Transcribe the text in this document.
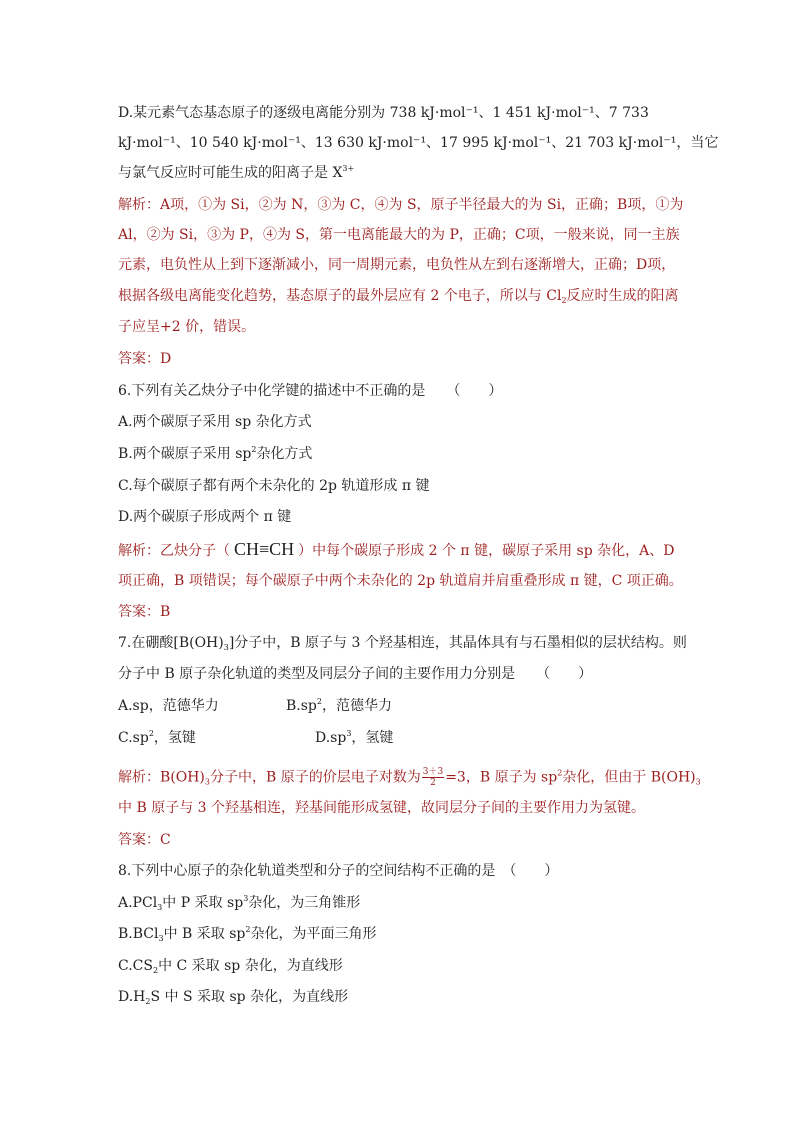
D.某元素气态基态原子的逐级电离能分别为 738 kJ·mol⁻¹、1 451 kJ·mol⁻¹、7 733
kJ·mol⁻¹、10 540 kJ·mol⁻¹、13 630 kJ·mol⁻¹、17 995 kJ·mol⁻¹、21 703 kJ·mol⁻¹，当它
与氯气反应时可能生成的阳离子是 $X^{3+}$
解析：A项，①为 Si，②为 N，③为 C，④为 S，原子半径最大的为 Si，正确；B项，①为
Al，②为 Si，③为 P，④为 S，第一电离能最大的为 P，正确；C项，一般来说，同一主族
元素，电负性从上到下逐渐减小，同一周期元素，电负性从左到右逐渐增大，正确；D项，
根据各级电离能变化趋势，基态原子的最外层应有 2 个电子，所以与 $Cl_2$反应时生成的阳离
子应呈+2 价，错误。
答案：D
6.下列有关乙炔分子中化学键的描述中不正确的是　　（　　）
A.两个碳原子采用 sp 杂化方式
B.两个碳原子采用 $sp^2$杂化方式
C.每个碳原子都有两个未杂化的 2p 轨道形成 π 键
D.两个碳原子形成两个 π 键
解析：乙炔分子（ CH≡CH ）中每个碳原子形成 2 个 π 键，碳原子采用 sp 杂化，A、D
项正确，B 项错误；每个碳原子中两个未杂化的 2p 轨道肩并肩重叠形成 π 键，C 项正确。
答案：B
7.在硼酸$[B(OH)_3]$分子中，B 原子与 3 个羟基相连，其晶体具有与石墨相似的层状结构。则
分子中 B 原子杂化轨道的类型及同层分子间的主要作用力分别是　　（　　）
A.sp，范德华力	$B.sp^2$，范德华力
$C.sp^2$，氢键	$D.sp^3$，氢键
解析：$B(OH)_3$分子中，B 原子的价层电子对数为 $\frac{3+3}{2} =3$，B 原子为 $sp^2$杂化，但由于 $B(OH)_3$
中 B 原子与 3 个羟基相连，羟基间能形成氢键，故同层分子间的主要作用力为氢键。
答案：C
8.下列中心原子的杂化轨道类型和分子的空间结构不正确的是　（　　）
A.PCl$_3$中 P 采取 $sp^3$杂化，为三角锥形
B.BCl$_3$中 B 采取 $sp^2$杂化，为平面三角形
$C.CS_2$中 C 采取 sp 杂化，为直线形
$D.H_2S$ 中 S 采取 sp 杂化，为直线形
